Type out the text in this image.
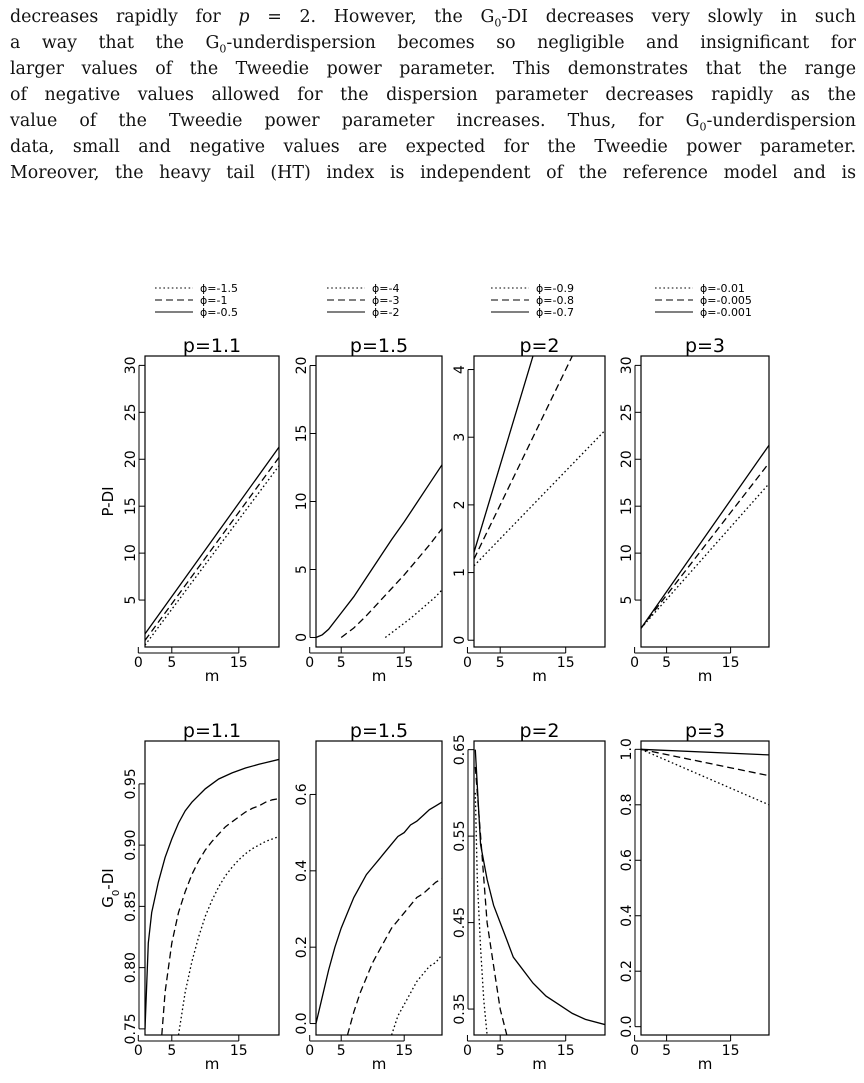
decreases rapidly for p = 2. However, the $G_0-DI$ decreases very slowly in such
a way that the $G_0$-underdispersion becomes so negligible and insignificant for
larger values of the Tweedie power parameter. This demonstrates that the range
of negative values allowed for the dispersion parameter decreases rapidly as the
value of the Tweedie power parameter increases. Thus, for $G_0$-underdispersion
data, small and negative values are expected for the Tweedie power parameter.
Moreover, the heavy tail (HT) index is independent of the reference model and is
ϕ=-1.5
ϕ=-1
ϕ=-0.5
ϕ=-4
ϕ=-3
ϕ=-2
ϕ=-0.9
ϕ=-0.8
ϕ=-0.7
ϕ=-0.01
ϕ=-0.005
ϕ=-0.001
p=1.1
0 5	15
m
5
10
15
20
25
30
P-DI
p=1.5
0 5	15
m
0
5
10
15
20
p=2
0 5	15
m
0
1
2
3
4
p=3
0 5	15
m
5
10
15
20
25
30
p=1.1
0 5	15
m
0.75
0.80
0.85
0.90
0.95
$G_0-DI$
p=1.5
0 5	15
m
0.0
0.2
0.4
0.6
p=2
0 5	15
m
0.35
0.45
0.55
0.65
p=3
0 5	15
m
0.0
0.2
0.4
0.6
0.8
1.0
